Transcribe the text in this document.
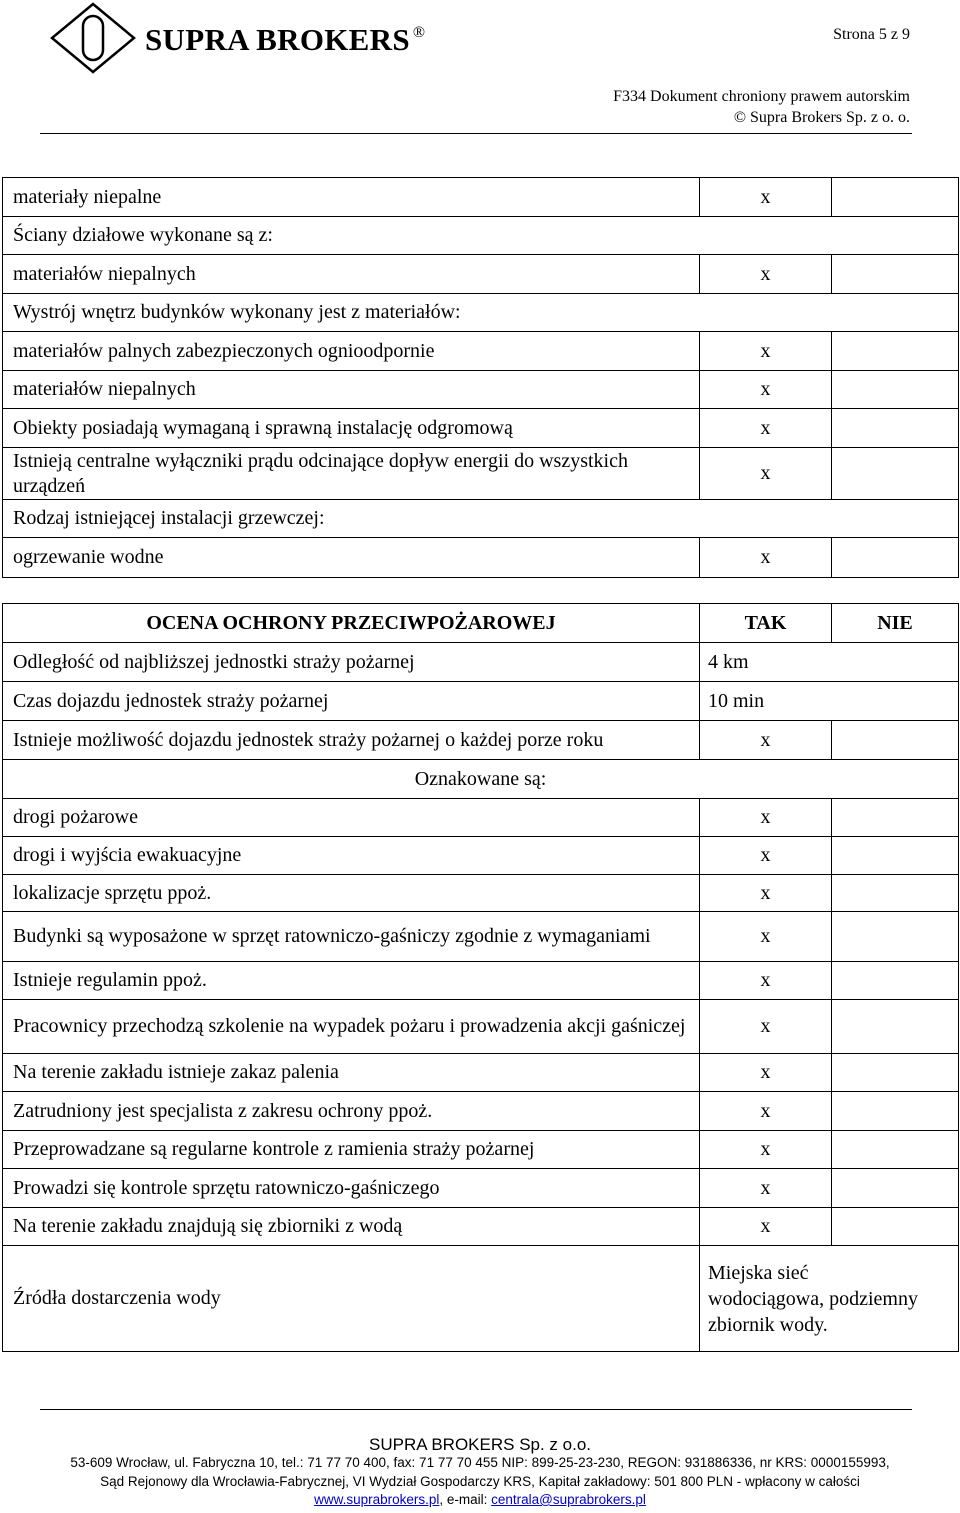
SUPRA BROKERS ®	Strona 5 z 9
F334 Dokument chroniony prawem autorskim
© Supra Brokers Sp. z o. o.
materiały niepalne	x	
Ściany działowe wykonane są z:		
materiałów niepalnych	x	
Wystrój wnętrz budynków wykonany jest z materiałów:		
materiałów palnych zabezpieczonych ognioodpornie	x	
materiałów niepalnych	x	
Obiekty posiadają wymaganą i sprawną instalację odgromową	x	
Istnieją centralne wyłączniki prądu odcinające dopływ energii do wszystkich urządzeń	x	
Rodzaj istniejącej instalacji grzewczej:		
ogrzewanie wodne	x	
OCENA OCHRONY PRZECIWPOŻAROWEJ	TAK	NIE
Odległość od najbliższej jednostki straży pożarnej	4 km	
Czas dojazdu jednostek straży pożarnej	10 min	
Istnieje możliwość dojazdu jednostek straży pożarnej o każdej porze roku	x	
Oznakowane są:		
drogi pożarowe	x	
drogi i wyjścia ewakuacyjne	x	
lokalizacje sprzętu ppoż.	x	
Budynki są wyposażone w sprzęt ratowniczo-gaśniczy zgodnie z wymaganiami	x	
Istnieje regulamin ppoż.	x	
Pracownicy przechodzą szkolenie na wypadek pożaru i prowadzenia akcji gaśniczej	x	
Na terenie zakładu istnieje zakaz palenia	x	
Zatrudniony jest specjalista z zakresu ochrony ppoż.	x	
Przeprowadzane są regularne kontrole z ramienia straży pożarnej	x	
Prowadzi się kontrole sprzętu ratowniczo-gaśniczego	x	
Na terenie zakładu znajdują się zbiorniki z wodą	x	
Źródła dostarczenia wody	Miejska sieć wodociągowa, podziemny zbiornik wody.	
SUPRA BROKERS Sp. z o.o.
53-609 Wrocław, ul. Fabryczna 10, tel.: 71 77 70 400, fax: 71 77 70 455 NIP: 899-25-23-230, REGON: 931886336, nr KRS: 0000155993,
Sąd Rejonowy dla Wrocławia-Fabrycznej, VI Wydział Gospodarczy KRS, Kapitał zakładowy: 501 800 PLN - wpłacony w całości
www.suprabrokers.pl, e-mail: centrala@suprabrokers.pl
